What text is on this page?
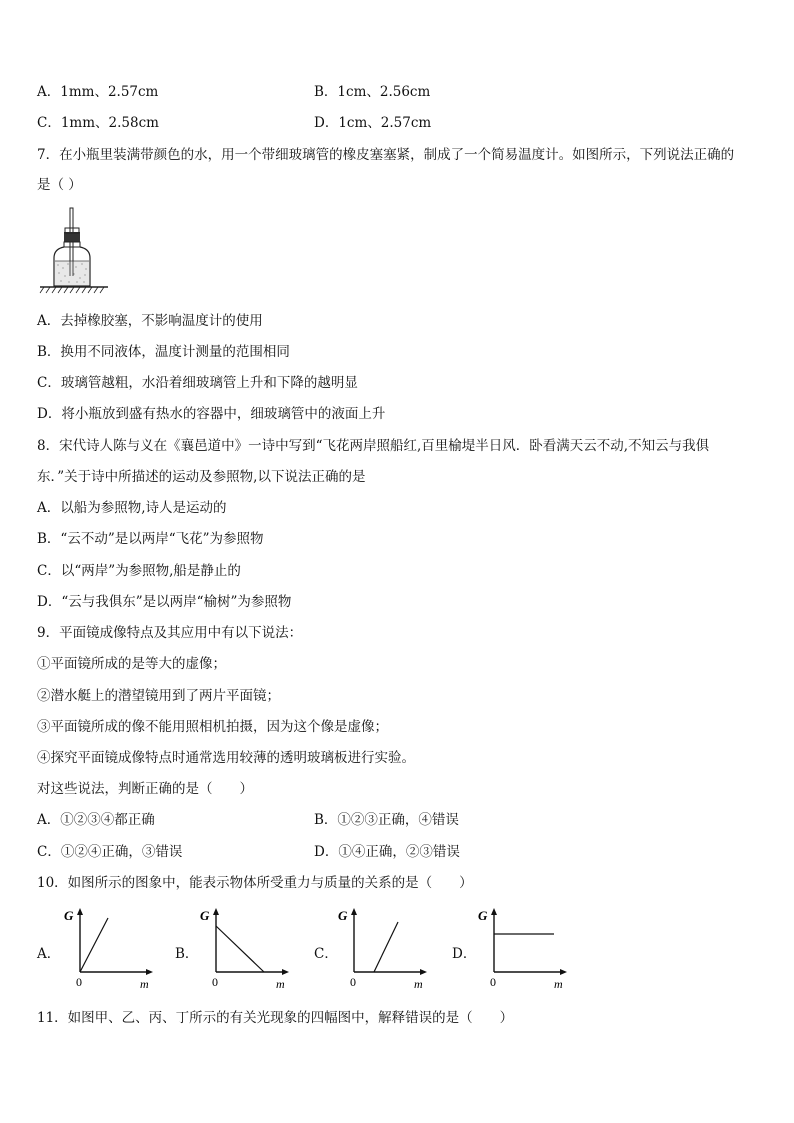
A．1mm、2.57cm	B．1cm、2.56cm
C．1mm、2.58cm	D．1cm、2.57cm
7．在小瓶里装满带颜色的水，用一个带细玻璃管的橡皮塞塞紧，制成了一个简易温度计。如图所示，下列说法正确的
是（ ）
A．去掉橡胶塞，不影响温度计的使用
B．换用不同液体，温度计测量的范围相同
C．玻璃管越粗，水沿着细玻璃管上升和下降的越明显
D．将小瓶放到盛有热水的容器中，细玻璃管中的液面上升
8．宋代诗人陈与义在《襄邑道中》一诗中写到“飞花两岸照船红,百里榆堤半日风．卧看满天云不动,不知云与我俱
东．”关于诗中所描述的运动及参照物,以下说法正确的是
A．以船为参照物,诗人是运动的
B．“云不动”是以两岸“飞花”为参照物
C．以“两岸”为参照物,船是静止的
D．“云与我俱东”是以两岸“榆树”为参照物
9．平面镜成像特点及其应用中有以下说法：
①平面镜所成的是等大的虚像；
②潜水艇上的潜望镜用到了两片平面镜；
③平面镜所成的像不能用照相机拍摄，因为这个像是虚像；
④探究平面镜成像特点时通常选用较薄的透明玻璃板进行实验。
对这些说法，判断正确的是（　　）
A．①②③④都正确	B．①②③正确，④错误
C．①②④正确，③错误	D．①④正确，②③错误
10．如图所示的图象中，能表示物体所受重力与质量的关系的是（　　）
A．	B．	C．	D．
G
0	m
G
0	m
G
0	m
G
0	m
11．如图甲、乙、丙、丁所示的有关光现象的四幅图中，解释错误的是（　　）
